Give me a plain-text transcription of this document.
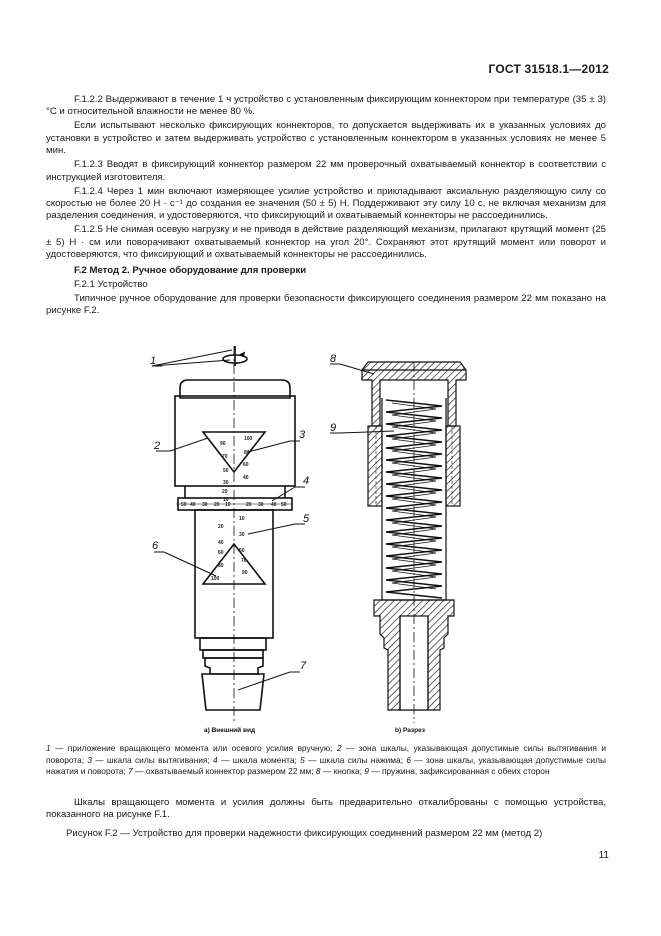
ГОСТ 31518.1—2012

F.1.2.2 Выдерживают в течение 1 ч устройство с установленным фиксирующим коннектором при температуре (35 ± 3) °С и относительной влажности не менее 80 %.

Если испытывают несколько фиксирующих коннекторов, то допускается выдерживать их в указанных условиях до установки в устройство и затем выдерживать устройство с установленным коннектором в указанных условиях не менее 5 мин.

F.1.2.3 Вводят в фиксирующий коннектор размером 22 мм проверочный охватываемый коннектор в соответствии с инструкцией изготовителя.

F.1.2.4 Через 1 мин включают измеряющее усилие устройство и прикладывают аксиальную разделяющую силу со скоростью не более 20 Н · с⁻¹ до создания ее значения (50 ± 5) Н. Поддерживают эту силу 10 с, не включая механизм для разделения соединения, и удостоверяются, что фиксирующий и охватываемый коннекторы не рассоединились.

F.1.2.5 Не снимая осевую нагрузку и не приводя в действие разделяющий механизм, прилагают крутящий момент (25 ± 5) Н · см или поворачивают охватываемый коннектор на угол 20°. Сохраняют этот крутящий момент или поворот и удостоверяются, что фиксирующий и охватываемый коннекторы не рассоединились.

F.2 Метод 2. Ручное оборудование для проверки

F.2.1 Устройство

Типичное ручное оборудование для проверки безопасности фиксирующего соединения размером 22 мм показано на рисунке F.2.

100
90
80
70
60
50
40
30
20
10
50 40 30 20 10	20 30 40 50
10
20
30
40
50
60
70
80
90
100
1
2
3
4
5
6
7
8
9
а) Внешний вид	b) Разрез
1 — приложение вращающего момента или осевого усилия вручную; 2 — зона шкалы, указывающая допустимые силы вытягивания и поворота; 3 — шкала силы вытягивания; 4 — шкала момента; 5 — шкала силы нажима; 6 — зона шкалы, указывающая допустимые силы нажатия и поворота; 7 — охватываемый коннектор размером 22 мм; 8 — кнопка; 9 — пружина, зафиксированная с обеих сторон
Шкалы вращающего момента и усилия должны быть предварительно откалиброваны с помощью устройства, показанного на рисунке F.1.
Рисунок F.2 — Устройство для проверки надежности фиксирующих соединений размером 22 мм (метод 2)
11
